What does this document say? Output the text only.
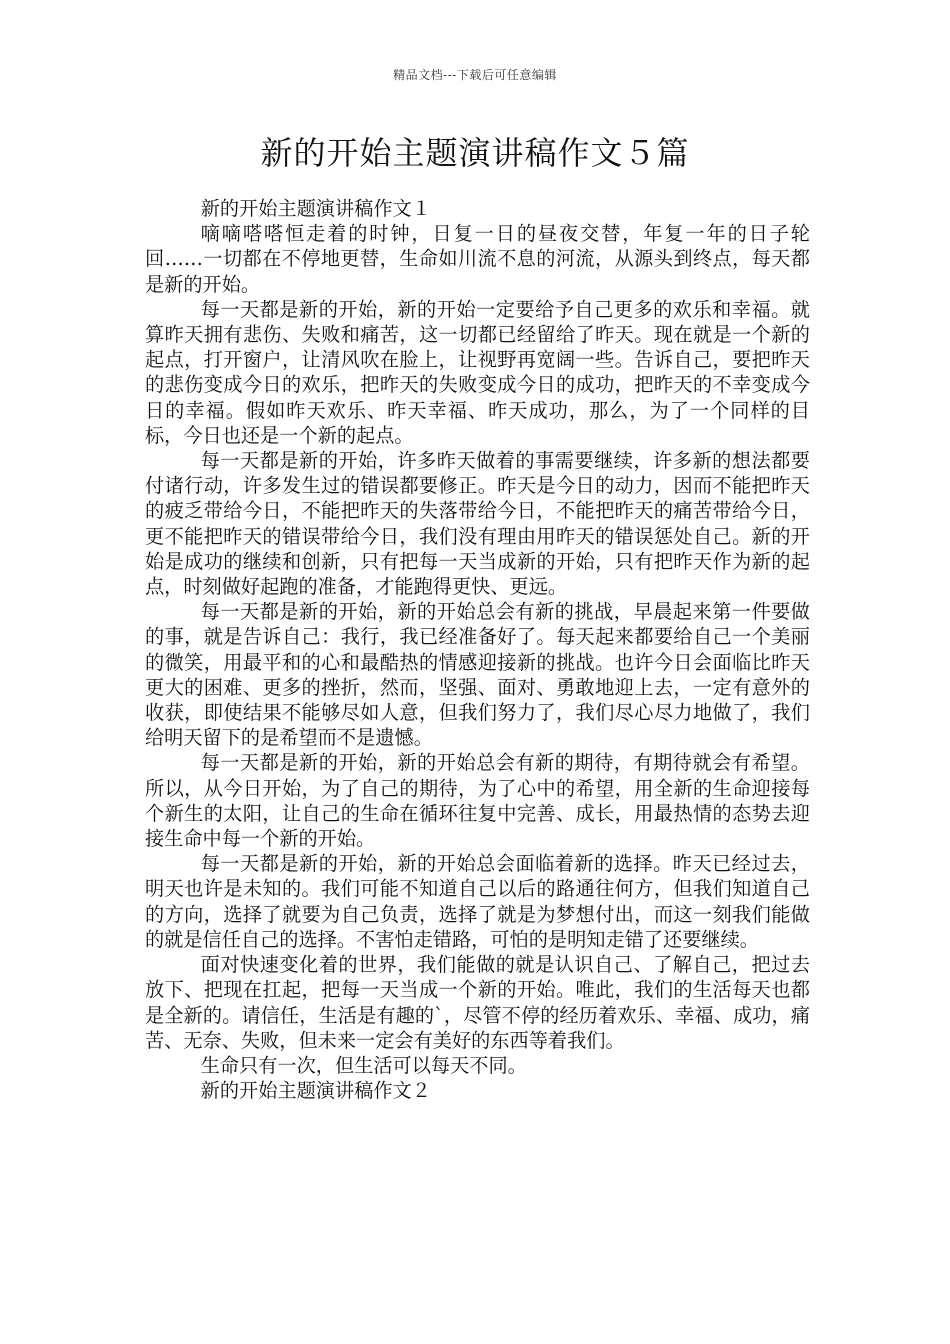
精品文档---下载后可任意编辑
新的开始主题演讲稿作文５篇

新的开始主题演讲稿作文１

嘀嘀嗒嗒恒走着的时钟，日复一日的昼夜交替，年复一年的日子轮回……一切都在不停地更替，生命如川流不息的河流，从源头到终点，每天都是新的开始。

每一天都是新的开始，新的开始一定要给予自己更多的欢乐和幸福。就算昨天拥有悲伤、失败和痛苦，这一切都已经留给了昨天。现在就是一个新的起点，打开窗户，让清风吹在脸上，让视野再宽阔一些。告诉自己，要把昨天的悲伤变成今日的欢乐，把昨天的失败变成今日的成功，把昨天的不幸变成今日的幸福。假如昨天欢乐、昨天幸福、昨天成功，那么，为了一个同样的目标，今日也还是一个新的起点。

每一天都是新的开始，许多昨天做着的事需要继续，许多新的想法都要付诸行动，许多发生过的错误都要修正。昨天是今日的动力，因而不能把昨天的疲乏带给今日，不能把昨天的失落带给今日，不能把昨天的痛苦带给今日，更不能把昨天的错误带给今日，我们没有理由用昨天的错误惩处自己。新的开始是成功的继续和创新，只有把每一天当成新的开始，只有把昨天作为新的起点，时刻做好起跑的准备，才能跑得更快、更远。

每一天都是新的开始，新的开始总会有新的挑战，早晨起来第一件要做的事，就是告诉自己：我行，我已经准备好了。每天起来都要给自己一个美丽的微笑，用最平和的心和最酷热的情感迎接新的挑战。也许今日会面临比昨天更大的困难、更多的挫折，然而，坚强、面对、勇敢地迎上去，一定有意外的收获，即使结果不能够尽如人意，但我们努力了，我们尽心尽力地做了，我们给明天留下的是希望而不是遗憾。

每一天都是新的开始，新的开始总会有新的期待，有期待就会有希望。所以，从今日开始，为了自己的期待，为了心中的希望，用全新的生命迎接每个新生的太阳，让自己的生命在循环往复中完善、成长，用最热情的态势去迎接生命中每一个新的开始。

每一天都是新的开始，新的开始总会面临着新的选择。昨天已经过去，明天也许是未知的。我们可能不知道自己以后的路通往何方，但我们知道自己的方向，选择了就要为自己负责，选择了就是为梦想付出，而这一刻我们能做的就是信任自己的选择。不害怕走错路，可怕的是明知走错了还要继续。

面对快速变化着的世界，我们能做的就是认识自己、了解自己，把过去放下、把现在扛起，把每一天当成一个新的开始。唯此，我们的生活每天也都是全新的。请信任，生活是有趣的`，尽管不停的经历着欢乐、幸福、成功，痛苦、无奈、失败，但未来一定会有美好的东西等着我们。

生命只有一次，但生活可以每天不同。

新的开始主题演讲稿作文２
